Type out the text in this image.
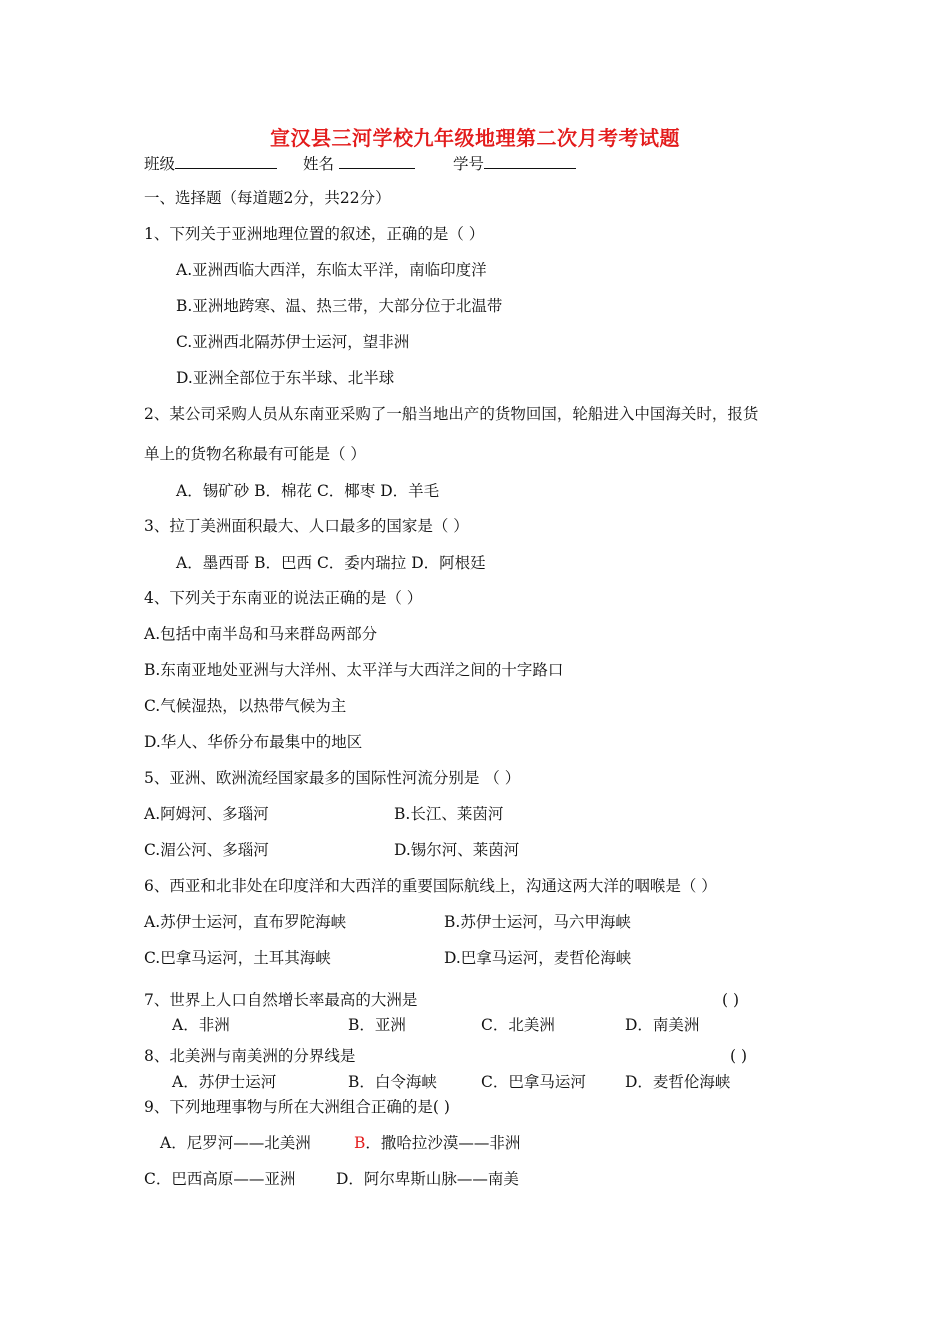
宣汉县三河学校九年级地理第二次月考考试题
班级	姓名	学号
一、选择题（每道题2分，共22分）
1、下列关于亚洲地理位置的叙述，正确的是（ ）
A.亚洲西临大西洋，东临太平洋，南临印度洋
B.亚洲地跨寒、温、热三带，大部分位于北温带
C.亚洲西北隔苏伊士运河，望非洲
D.亚洲全部位于东半球、北半球
2、某公司采购人员从东南亚采购了一船当地出产的货物回国，轮船进入中国海关时，报货
单上的货物名称最有可能是（ ）
A．锡矿砂 B．棉花 C．椰枣 D．羊毛
3、拉丁美洲面积最大、人口最多的国家是（ ）
A．墨西哥 B．巴西 C．委内瑞拉 D．阿根廷
4、下列关于东南亚的说法正确的是（ ）
A.包括中南半岛和马来群岛两部分
B.东南亚地处亚洲与大洋州、太平洋与大西洋之间的十字路口
C.气候湿热，以热带气候为主
D.华人、华侨分布最集中的地区
5、亚洲、欧洲流经国家最多的国际性河流分别是 （ ）
A.阿姆河、多瑙河	B.长江、莱茵河
C.湄公河、多瑙河	D.锡尔河、莱茵河
6、西亚和北非处在印度洋和大西洋的重要国际航线上，沟通这两大洋的咽喉是（ ）
A.苏伊士运河，直布罗陀海峡	B.苏伊士运河，马六甲海峡
C.巴拿马运河，土耳其海峡	D.巴拿马运河，麦哲伦海峡
7、世界上人口自然增长率最高的大洲是	( )
A．非洲	B．亚洲	C．北美洲	D．南美洲
8、北美洲与南美洲的分界线是	( )
A．苏伊士运河	B．白令海峡	C．巴拿马运河	D．麦哲伦海峡
9、下列地理事物与所在大洲组合正确的是( )
A．尼罗河——北美洲	B．撒哈拉沙漠——非洲
C．巴西高原——亚洲	D．阿尔卑斯山脉——南美
